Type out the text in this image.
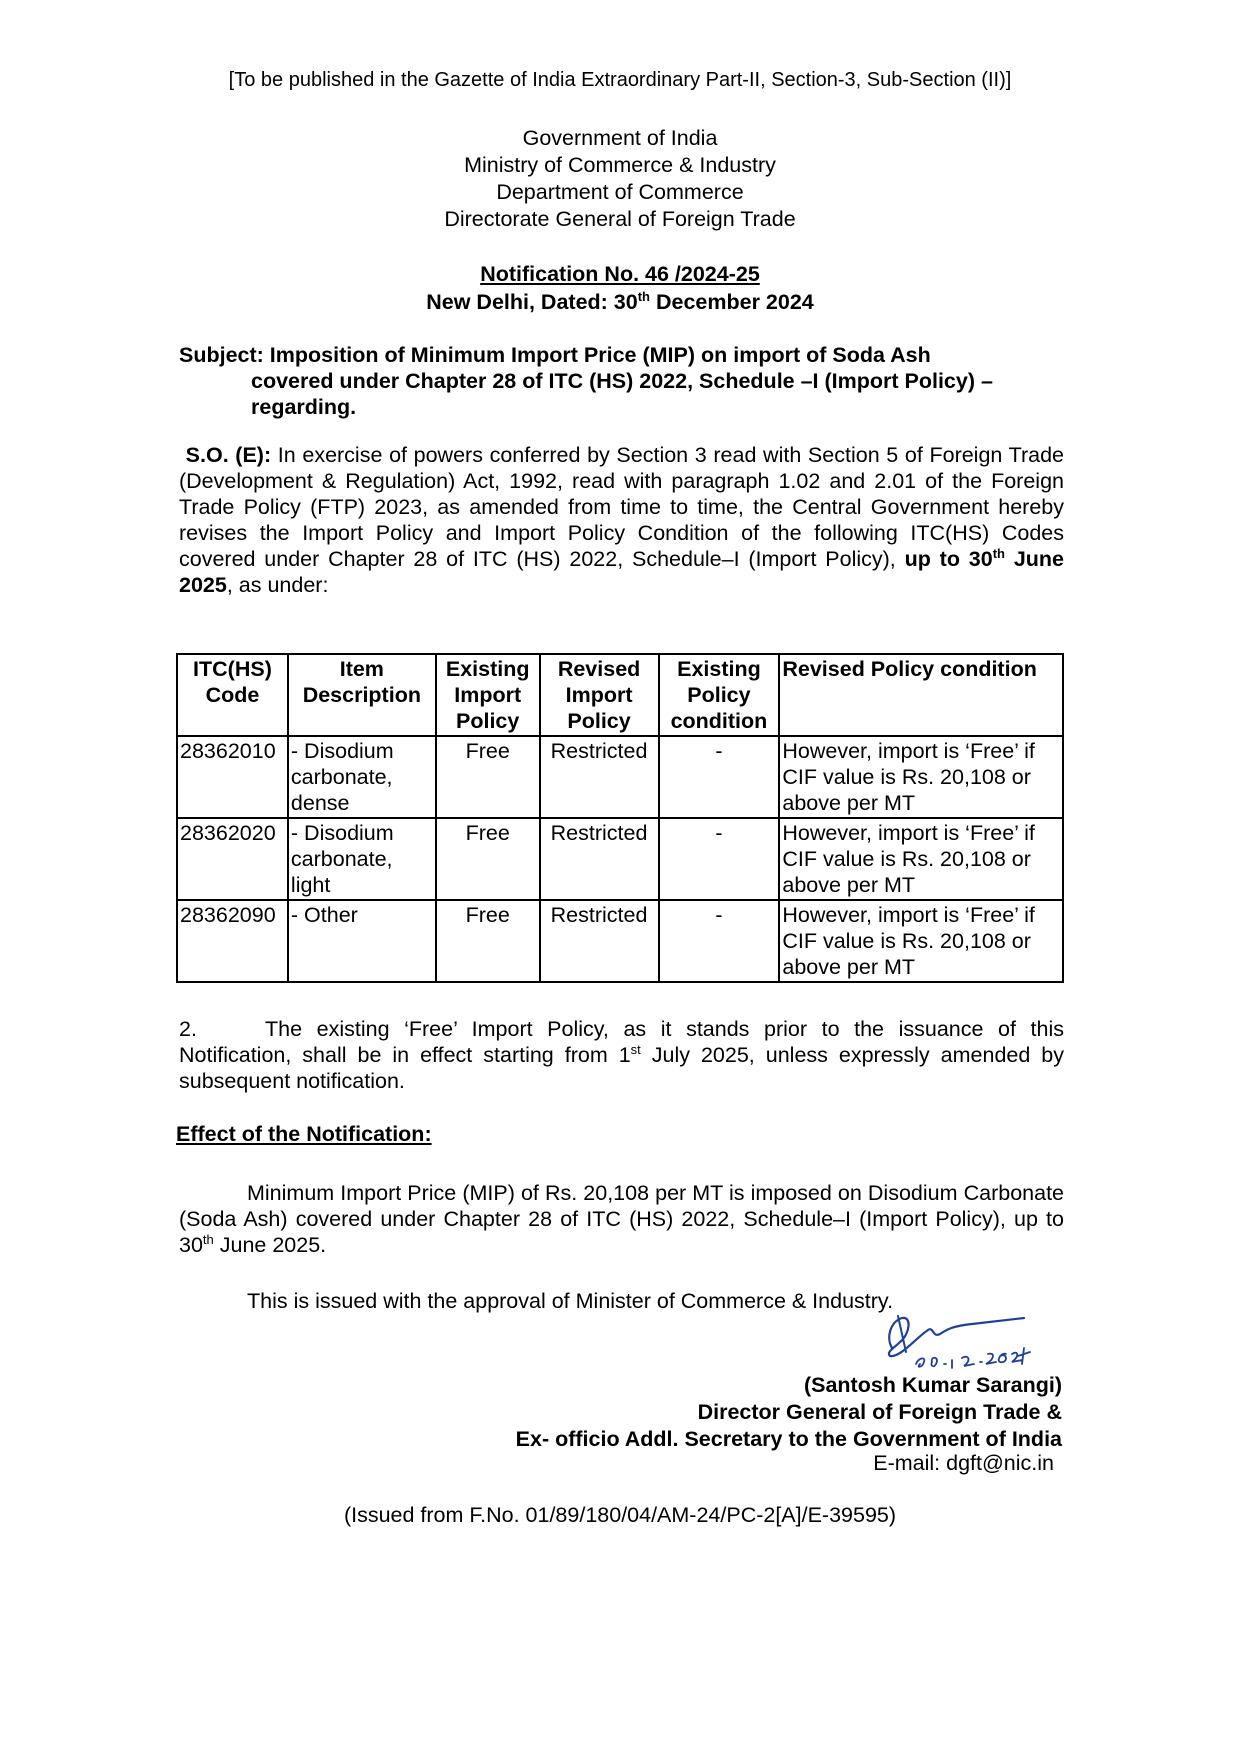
[To be published in the Gazette of India Extraordinary Part-II, Section-3, Sub-Section (II)]
Government of India
Ministry of Commerce & Industry
Department of Commerce
Directorate General of Foreign Trade
Notification No. 46 /2024-25
New Delhi, Dated: 30th December 2024
Subject: Imposition of Minimum Import Price (MIP) on import of Soda Ash
covered under Chapter 28 of ITC (HS) 2022, Schedule –I (Import Policy) – regarding.
S.O. (E): In exercise of powers conferred by Section 3 read with Section 5 of Foreign Trade (Development & Regulation) Act, 1992, read with paragraph 1.02 and 2.01 of the Foreign Trade Policy (FTP) 2023, as amended from time to time, the Central Government hereby revises the Import Policy and Import Policy Condition of the following ITC(HS) Codes covered under Chapter 28 of ITC (HS) 2022, Schedule–I (Import Policy), up to 30th June 2025, as under:
ITC(HS) Code	Item Description	Existing Import Policy	Revised Import Policy	Existing Policy condition	Revised Policy condition
28362010	- Disodium carbonate, dense	Free	Restricted	-	However, import is ‘Free’ if CIF value is Rs. 20,108 or above per MT
28362020	- Disodium carbonate, light	Free	Restricted	-	However, import is ‘Free’ if CIF value is Rs. 20,108 or above per MT
28362090	- Other	Free	Restricted	-	However, import is ‘Free’ if CIF value is Rs. 20,108 or above per MT
2.	The existing ‘Free’ Import Policy, as it stands prior to the issuance of this Notification, shall be in effect starting from 1st July 2025, unless expressly amended by subsequent notification.
Effect of the Notification:
Minimum Import Price (MIP) of Rs. 20,108 per MT is imposed on Disodium Carbonate (Soda Ash) covered under Chapter 28 of ITC (HS) 2022, Schedule–I (Import Policy), up to 30th June 2025.
This is issued with the approval of Minister of Commerce & Industry.
(Santosh Kumar Sarangi)
Director General of Foreign Trade &
Ex- officio Addl. Secretary to the Government of India
E-mail: dgft@nic.in
(Issued from F.No. 01/89/180/04/AM-24/PC-2[A]/E-39595)
